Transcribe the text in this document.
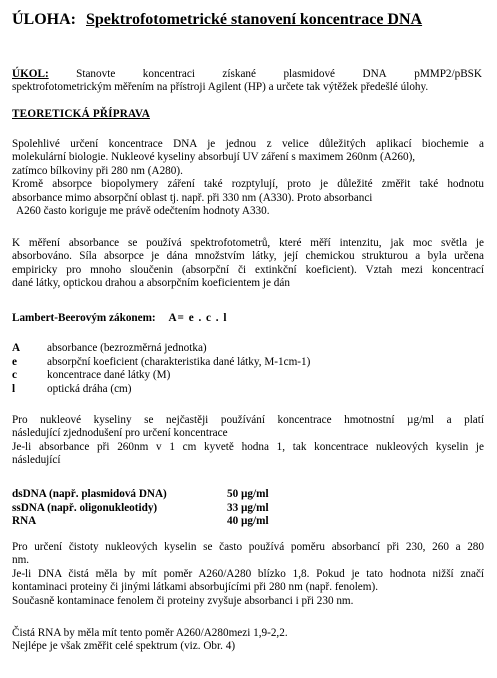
ÚLOHA: Spektrofotometrické stanovení koncentrace DNA
ÚKOL: Stanovte koncentraci získané plasmidové DNA pMMP2/pBSK
spektrofotometrickým měřením na přístroji Agilent (HP) a určete tak výtěžek předešlé úlohy.
TEORETICKÁ PŘÍPRAVA
Spolehlivé určení koncentrace DNA je jednou z velice důležitých aplikací biochemie a
molekulární biologie. Nukleové kyseliny absorbují UV záření s maximem 260nm (A260),
zatímco bílkoviny při 280 nm (A280).
Kromě absorpce biopolymery záření také rozptylují, proto je důležité změřit také hodnotu
absorbance mimo absorpční oblast tj. např. při 330 nm (A330). Proto absorbanci
A260 často koriguje me právě odečtením hodnoty A330.
K měření absorbance se používá spektrofotometrů, které měří intenzitu, jak moc světla je
absorbováno. Síla absorpce je dána množstvím látky, její chemickou strukturou a byla určena
empiricky pro mnoho sloučenin (absorpční či extinkční koeficient). Vztah mezi koncentrací
dané látky, optickou drahou a absorpčním koeficientem je dán
Lambert-Beerovým zákonem: A= e . c . l
A	absorbance (bezrozměrná jednotka)
e	absorpční koeficient (charakteristika dané látky, M-1cm-1)
c	koncentrace dané látky (M)
l	optická dráha (cm)
Pro nukleové kyseliny se nejčastěji používání koncentrace hmotnostní µg/ml a platí
následující zjednodušení pro určení koncentrace
Je-li absorbance při 260nm v 1 cm kyvetě hodna 1, tak koncentrace nukleových kyselin je
následující
dsDNA (např. plasmidová DNA)	50 µg/ml
ssDNA (např. oligonukleotidy)	33 µg/ml
RNA	40 µg/ml
Pro určení čistoty nukleových kyselin se často používá poměru absorbancí při 230, 260 a 280
nm.
Je-li DNA čistá měla by mít poměr A260/A280 blízko 1,8. Pokud je tato hodnota nižší značí
kontaminaci proteiny či jinými látkami absorbujícími při 280 nm (např. fenolem).
Současně kontaminace fenolem či proteiny zvyšuje absorbanci i při 230 nm.
Čistá RNA by měla mít tento poměr A260/A280mezi 1,9-2,2.
Nejlépe je však změřit celé spektrum (viz. Obr. 4)
